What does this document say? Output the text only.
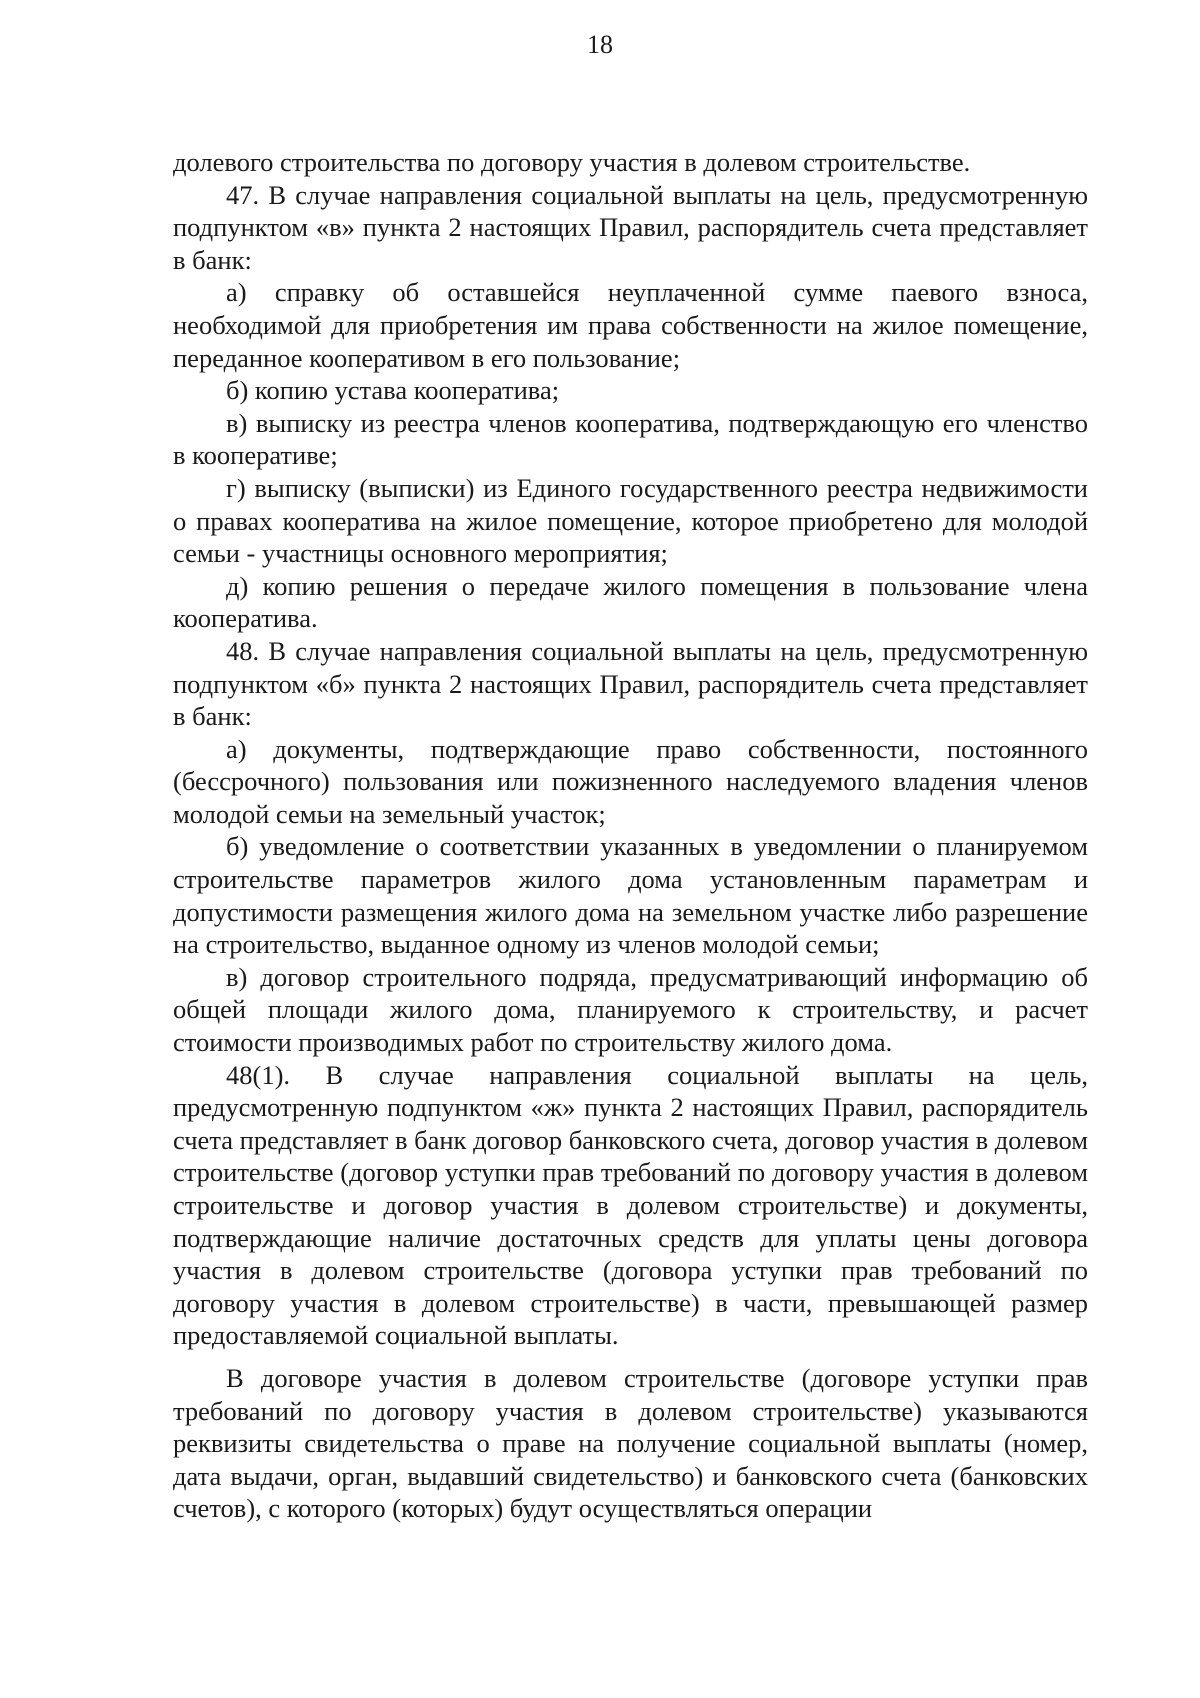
18

долевого строительства по договору участия в долевом строительстве.

47. В случае направления социальной выплаты на цель, предусмотренную подпунктом «в» пункта 2 настоящих Правил, распорядитель счета представляет в банк:

а) справку об оставшейся неуплаченной сумме паевого взноса, необходимой для приобретения им права собственности на жилое помещение, переданное кооперативом в его пользование;

б) копию устава кооператива;

в) выписку из реестра членов кооператива, подтверждающую его членство в кооперативе;

г) выписку (выписки) из Единого государственного реестра недвижимости о правах кооператива на жилое помещение, которое приобретено для молодой семьи - участницы основного мероприятия;

д) копию решения о передаче жилого помещения в пользование члена кооператива.

48. В случае направления социальной выплаты на цель, предусмотренную подпунктом «б» пункта 2 настоящих Правил, распорядитель счета представляет в банк:

а) документы, подтверждающие право собственности, постоянного (бессрочного) пользования или пожизненного наследуемого владения членов молодой семьи на земельный участок;

б) уведомление о соответствии указанных в уведомлении о планируемом строительстве параметров жилого дома установленным параметрам и допустимости размещения жилого дома на земельном участке либо разрешение на строительство, выданное одному из членов молодой семьи;

в) договор строительного подряда, предусматривающий информацию об общей площади жилого дома, планируемого к строительству, и расчет стоимости производимых работ по строительству жилого дома.

48(1). В случае направления социальной выплаты на цель, предусмотренную подпунктом «ж» пункта 2 настоящих Правил, распорядитель счета представляет в банк договор банковского счета, договор участия в долевом строительстве (договор уступки прав требований по договору участия в долевом строительстве и договор участия в долевом строительстве) и документы, подтверждающие наличие достаточных средств для уплаты цены договора участия в долевом строительстве (договора уступки прав требований по договору участия в долевом строительстве) в части, превышающей размер предоставляемой социальной выплаты.

В договоре участия в долевом строительстве (договоре уступки прав требований по договору участия в долевом строительстве) указываются реквизиты свидетельства о праве на получение социальной выплаты (номер, дата выдачи, орган, выдавший свидетельство) и банковского счета (банковских счетов), с которого (которых) будут осуществляться операции
